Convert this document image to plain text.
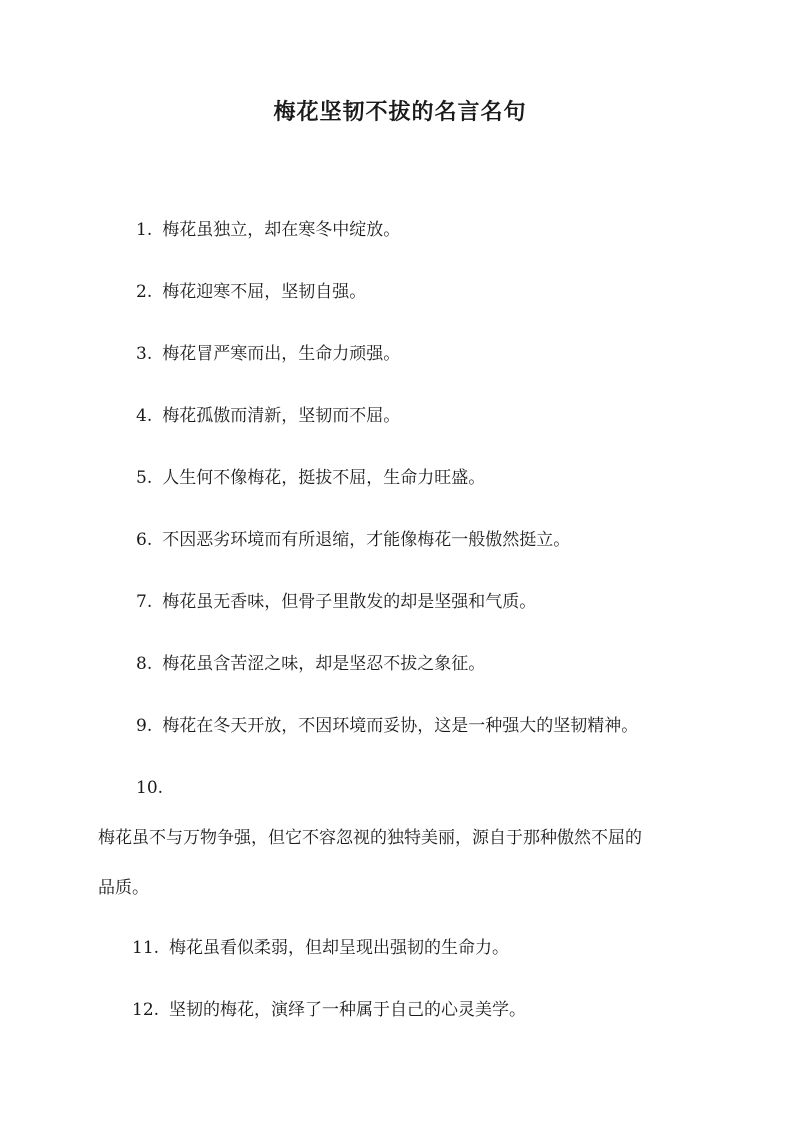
梅花坚韧不拔的名言名句

1. 梅花虽独立，却在寒冬中绽放。

2. 梅花迎寒不屈，坚韧自强。

3. 梅花冒严寒而出，生命力顽强。

4. 梅花孤傲而清新，坚韧而不屈。

5. 人生何不像梅花，挺拔不屈，生命力旺盛。

6. 不因恶劣环境而有所退缩，才能像梅花一般傲然挺立。

7. 梅花虽无香味，但骨子里散发的却是坚强和气质。

8. 梅花虽含苦涩之味，却是坚忍不拔之象征。

9. 梅花在冬天开放，不因环境而妥协，这是一种强大的坚韧精神。

10.

梅花虽不与万物争强，但它不容忽视的独特美丽，源自于那种傲然不屈的

品质。

11. 梅花虽看似柔弱，但却呈现出强韧的生命力。

12. 坚韧的梅花，演绎了一种属于自己的心灵美学。
